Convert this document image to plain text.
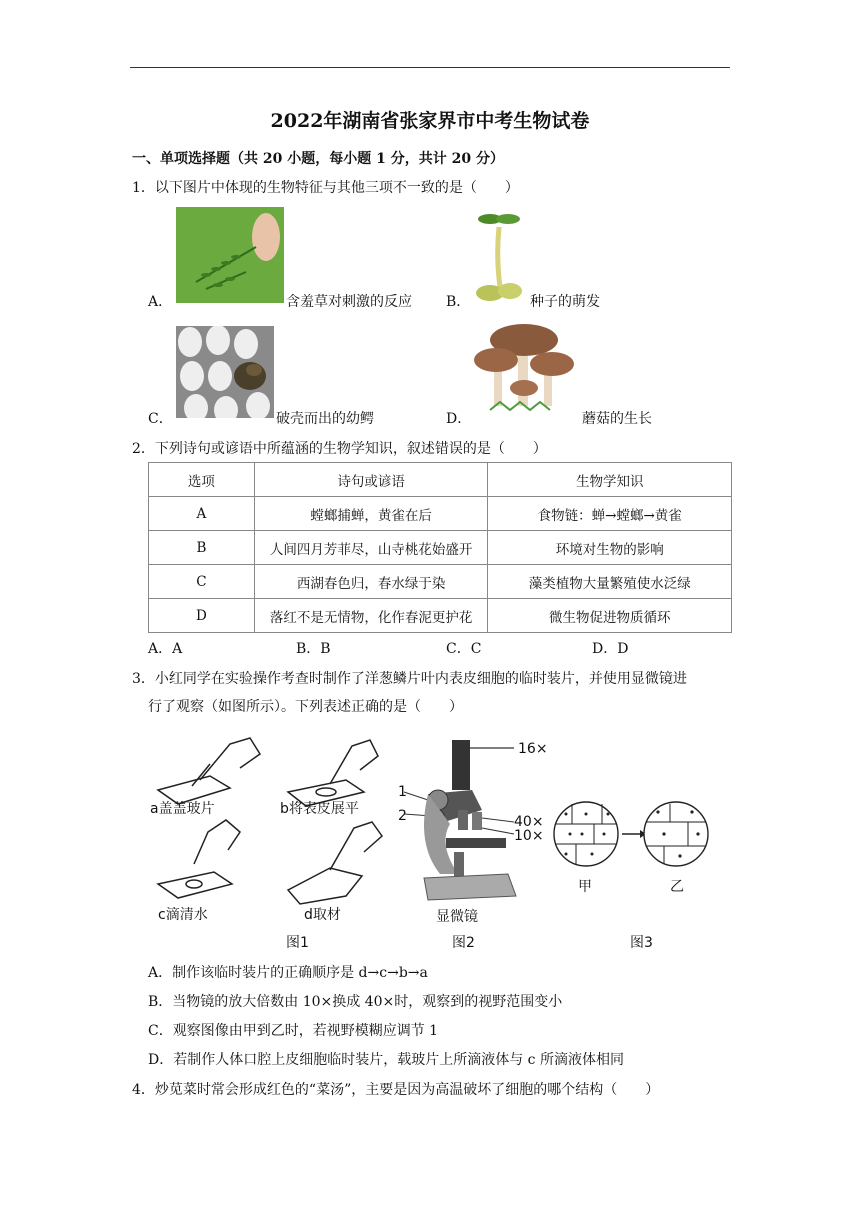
2022年湖南省张家界市中考生物试卷
一、单项选择题（共 20 小题，每小题 1 分，共计 20 分）
1．以下图片中体现的生物特征与其他三项不一致的是（　　）
A．	含羞草对刺激的反应 B．	种子的萌发
C．	破壳而出的幼鳄	D．	蘑菇的生长
2．下列诗句或谚语中所蕴涵的生物学知识，叙述错误的是（　　）
选项	诗句或谚语	生物学知识
A	螳螂捕蝉，黄雀在后	食物链：蝉→螳螂→黄雀
B	人间四月芳菲尽，山寺桃花始盛开	环境对生物的影响
C	西湖春色归，春水绿于染	藻类植物大量繁殖使水泛绿
D	落红不是无情物，化作春泥更护花	微生物促进物质循环
A．A	B．B	C．C	D．D
3．小红同学在实验操作考查时制作了洋葱鳞片叶内表皮细胞的临时装片，并使用显微镜进
行了观察（如图所示）。下列表述正确的是（　　）
a盖盖玻片	b将表皮展平
c滴清水	d取材
16×
1
2	40×
10×
显微镜
甲	乙
图1	图2	图3
A．制作该临时装片的正确顺序是 d→c→b→a
B．当物镜的放大倍数由 10×换成 40×时，观察到的视野范围变小
C．观察图像由甲到乙时，若视野模糊应调节 1
D．若制作人体口腔上皮细胞临时装片，载玻片上所滴液体与 c 所滴液体相同
4．炒苋菜时常会形成红色的“菜汤”，主要是因为高温破坏了细胞的哪个结构（　　）
